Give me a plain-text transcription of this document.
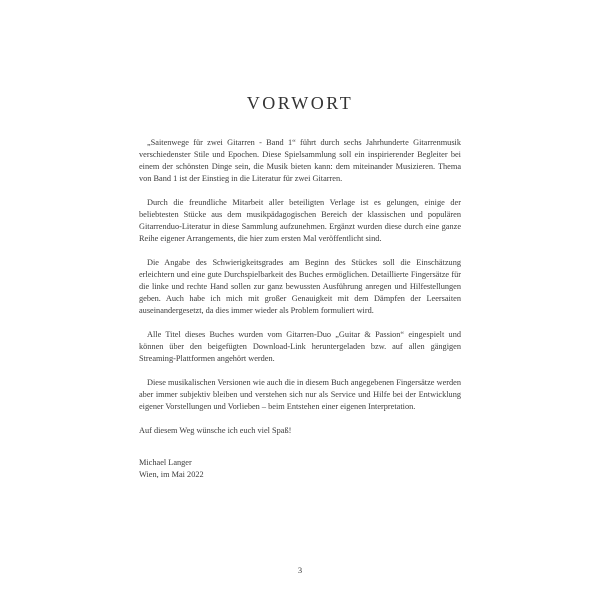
VORWORT

„Saitenwege für zwei Gitarren - Band 1“ führt durch sechs Jahrhunderte Gitarrenmusik verschiedenster Stile und Epochen. Diese Spielsammlung soll ein inspirierender Begleiter bei einem der schönsten Dinge sein, die Musik bieten kann: dem miteinander Musizieren. Thema von Band 1 ist der Einstieg in die Literatur für zwei Gitarren.

Durch die freundliche Mitarbeit aller beteiligten Verlage ist es gelungen, einige der beliebtesten Stücke aus dem musikpädagogischen Bereich der klassischen und populären Gitarrenduo-Literatur in diese Sammlung aufzunehmen. Ergänzt wurden diese durch eine ganze Reihe eigener Arrangements, die hier zum ersten Mal veröffentlicht sind.

Die Angabe des Schwierigkeitsgrades am Beginn des Stückes soll die Einschätzung erleichtern und eine gute Durchspielbarkeit des Buches ermöglichen. Detaillierte Fingersätze für die linke und rechte Hand sollen zur ganz bewussten Ausführung anregen und Hilfestellungen geben. Auch habe ich mich mit großer Genauigkeit mit dem Dämpfen der Leersaiten auseinandergesetzt, da dies immer wieder als Problem formuliert wird.

Alle Titel dieses Buches wurden vom Gitarren-Duo „Guitar & Passion“ eingespielt und können über den beigefügten Download-Link heruntergeladen bzw. auf allen gängigen Streaming-Plattformen angehört werden.

Diese musikalischen Versionen wie auch die in diesem Buch angegebenen Fingersätze werden aber immer subjektiv bleiben und verstehen sich nur als Service und Hilfe bei der Entwicklung eigener Vorstellungen und Vorlieben – beim Entstehen einer eigenen Interpretation.

Auf diesem Weg wünsche ich euch viel Spaß!

Michael Langer
Wien, im Mai 2022
3
